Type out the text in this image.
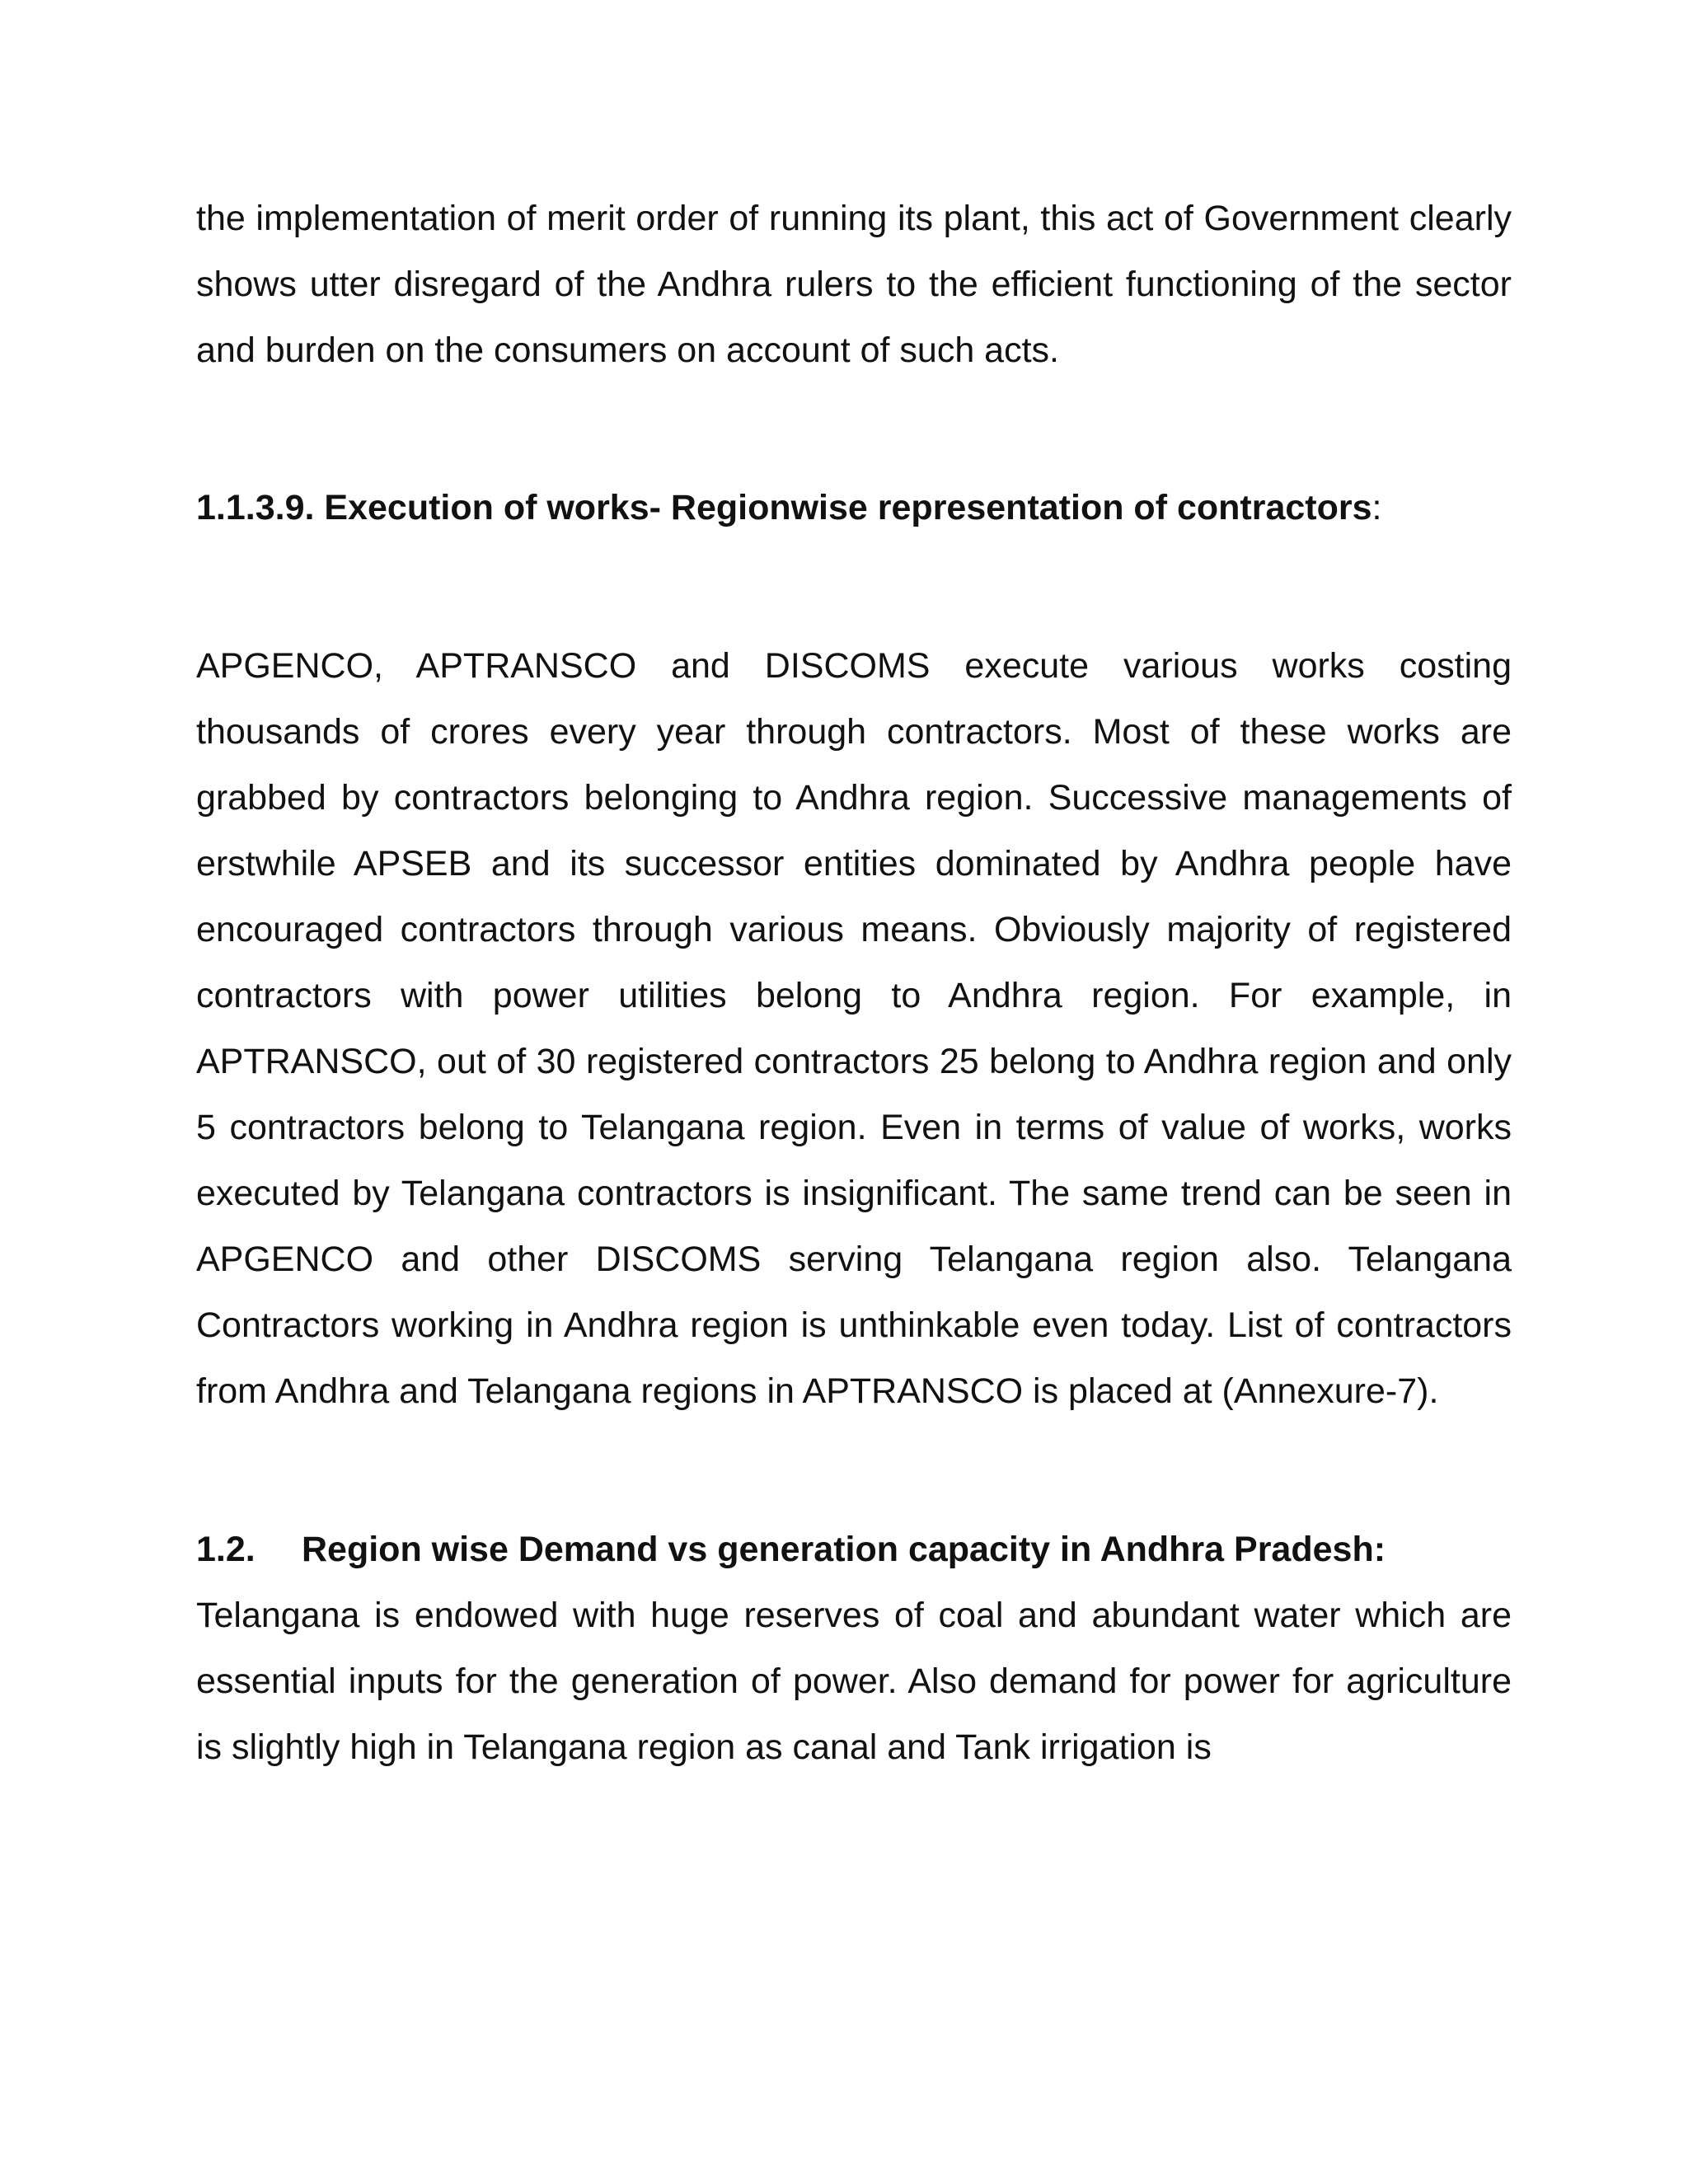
the implementation of merit order of running its plant, this act of Government clearly shows utter disregard of the Andhra rulers to the efficient functioning of the sector and burden on the consumers on account of such acts.

1.1.3.9. Execution of works- Regionwise representation of contractors:

APGENCO, APTRANSCO and DISCOMS execute various works costing thousands of crores every year through contractors. Most of these works are grabbed by contractors belonging to Andhra region. Successive managements of erstwhile APSEB and its successor entities dominated by Andhra people have encouraged contractors through various means. Obviously majority of registered contractors with power utilities belong to Andhra region. For example, in APTRANSCO, out of 30 registered contractors 25 belong to Andhra region and only 5 contractors belong to Telangana region. Even in terms of value of works, works executed by Telangana contractors is insignificant. The same trend can be seen in APGENCO and other DISCOMS serving Telangana region also. Telangana Contractors working in Andhra region is unthinkable even today. List of contractors from Andhra and Telangana regions in APTRANSCO is placed at (Annexure-7).

1.2.	Region wise Demand vs generation capacity in Andhra Pradesh:

Telangana is endowed with huge reserves of coal and abundant water which are essential inputs for the generation of power. Also demand for power for agriculture is slightly high in Telangana region as canal and Tank irrigation is
